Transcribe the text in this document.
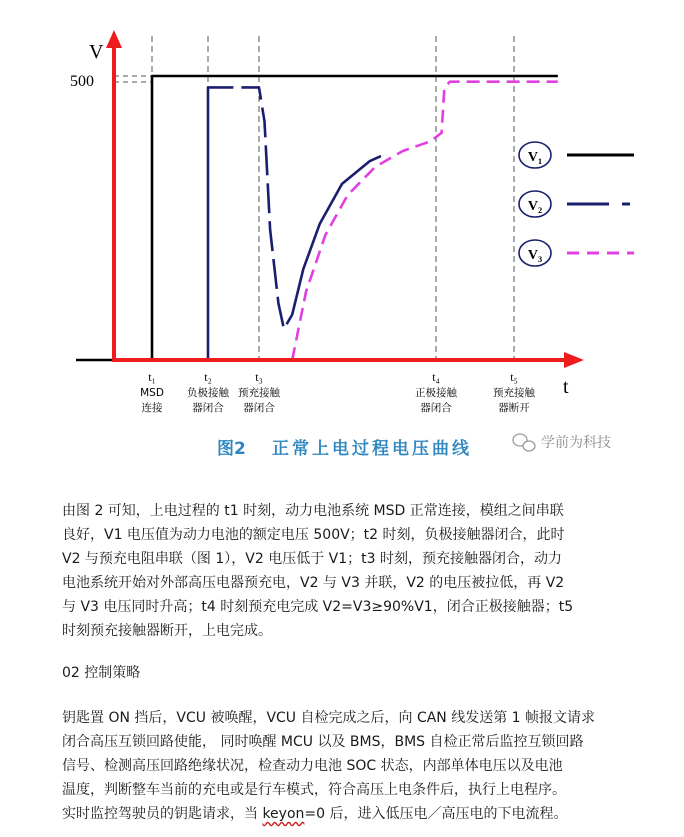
V
t
500
t₁
MSD
连接
t₂
负极接触
器闭合
t₃
预充接触
器闭合
t₄
正极接触
器闭合
t₅
预充接触
器断开
V₁
V₂
V₃
图2 正常上电过程电压曲线	学前为科技
由图 2 可知，上电过程的 t1 时刻，动力电池系统 MSD 正常连接，模组之间串联
良好，V1 电压值为动力电池的额定电压 500V；t2 时刻，负极接触器闭合，此时
V2 与预充电阻串联（图 1），V2 电压低于 V1；t3 时刻，预充接触器闭合，动力
电池系统开始对外部高压电器预充电，V2 与 V3 并联，V2 的电压被拉低，再 V2
与 V3 电压同时升高；t4 时刻预充电完成 V2=V3≥90%V1，闭合正极接触器；t5
时刻预充接触器断开，上电完成。
02 控制策略
钥匙置 ON 挡后，VCU 被唤醒，VCU 自检完成之后，向 CAN 线发送第 1 帧报文请求
闭合高压互锁回路使能， 同时唤醒 MCU 以及 BMS，BMS 自检正常后监控互锁回路
信号、检测高压回路绝缘状况，检查动力电池 SOC 状态，内部单体电压以及电池
温度，判断整车当前的充电或是行车模式，符合高压上电条件后，执行上电程序。
实时监控驾驶员的钥匙请求，当 keyon=0 后，进入低压电／高压电的下电流程。
